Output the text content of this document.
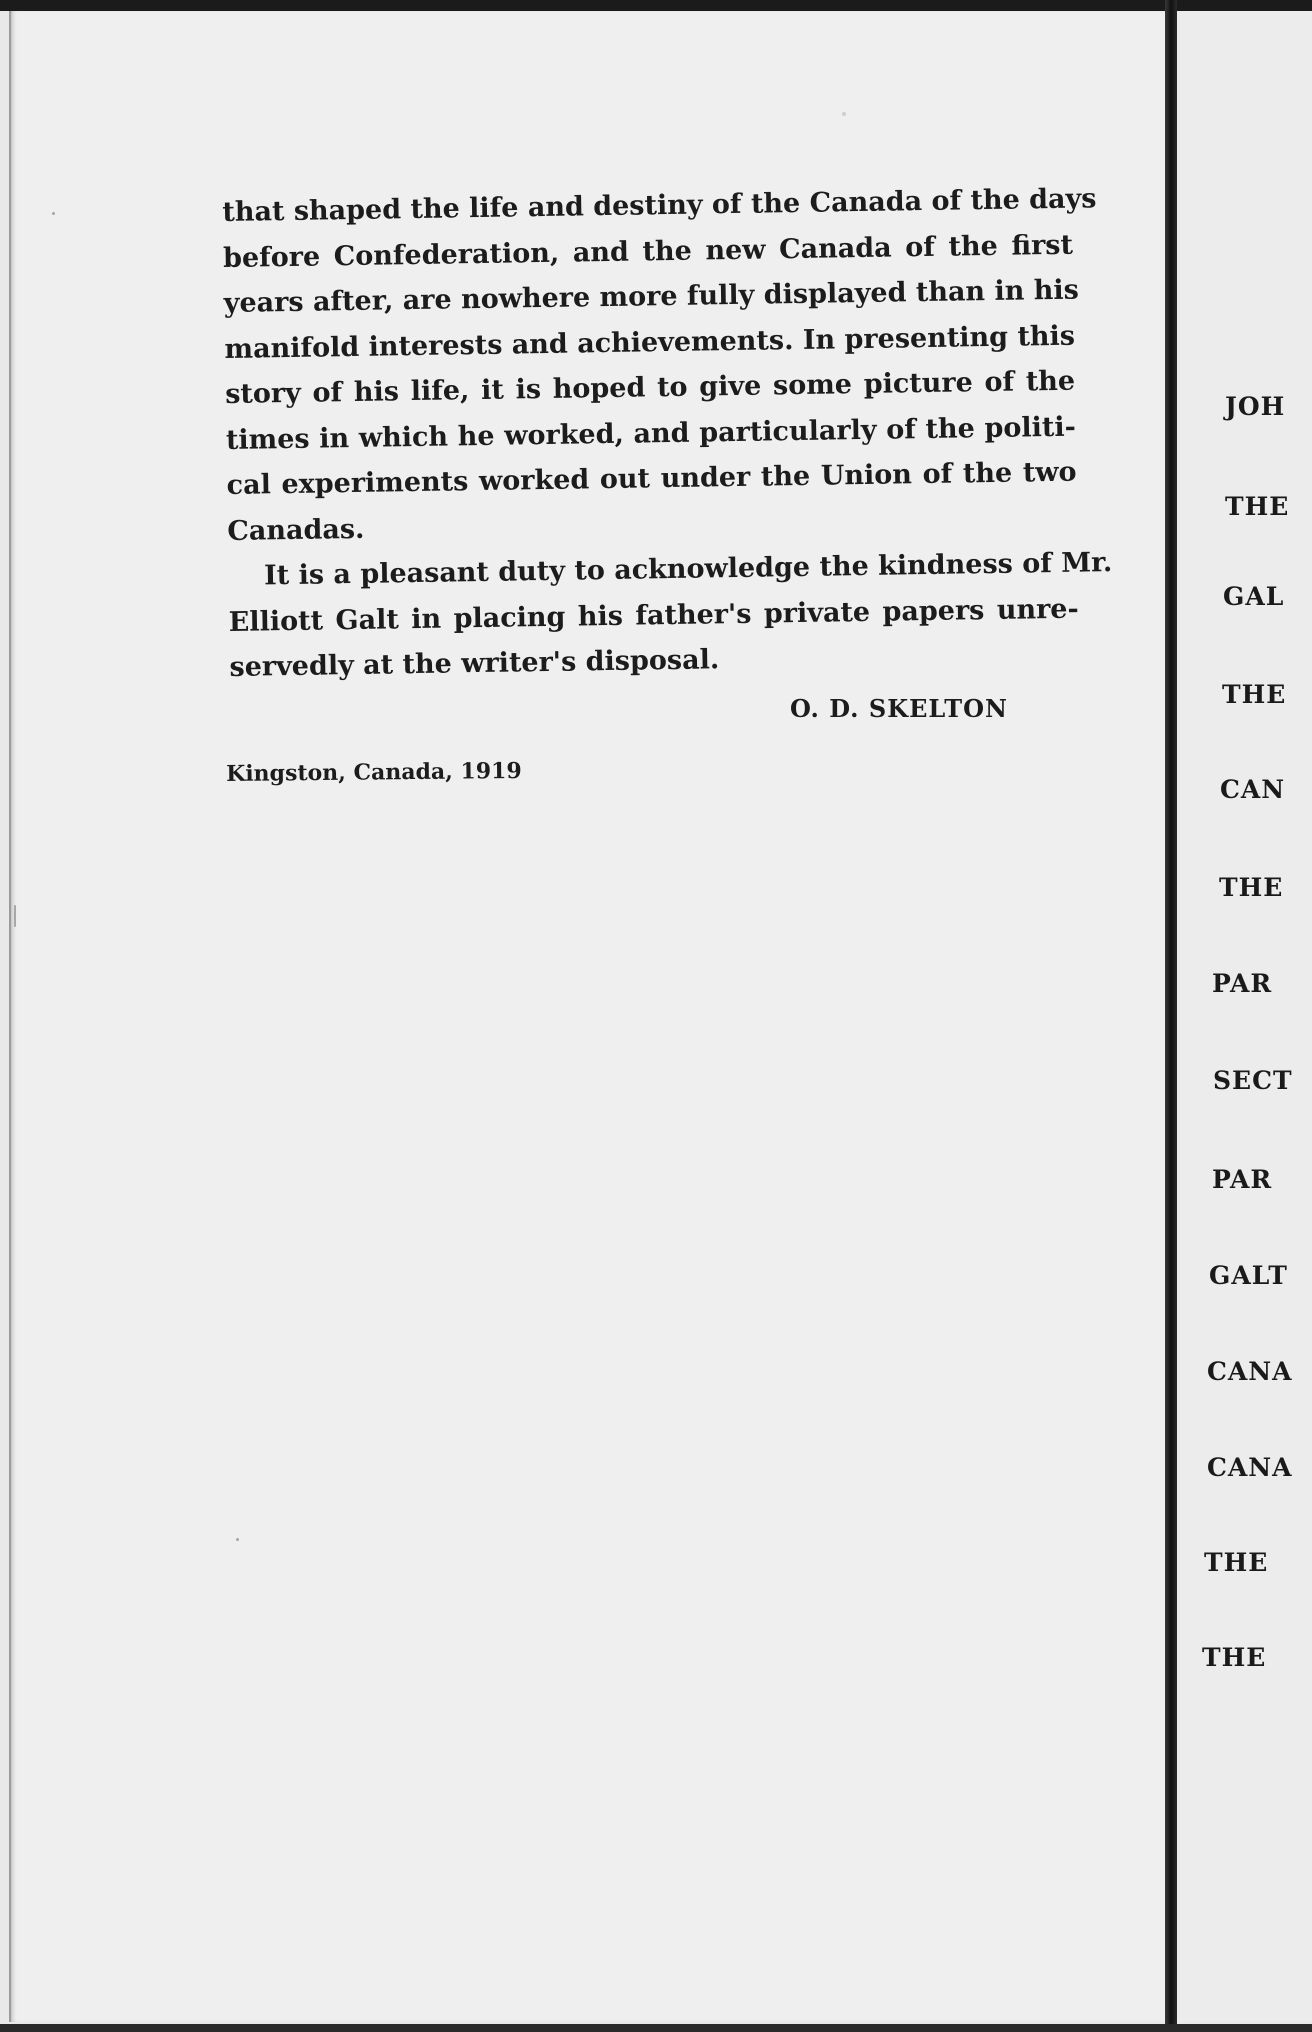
that shaped the life and destiny of the Canada of the days
before Confederation, and the new Canada of the first
years after, are nowhere more fully displayed than in his
manifold interests and achievements. In presenting this
story of his life, it is hoped to give some picture of the
times in which he worked, and particularly of the politi-
cal experiments worked out under the Union of the two
Canadas.

It is a pleasant duty to acknowledge the kindness of Mr.
Elliott Galt in placing his father's private papers unre-
servedly at the writer's disposal.

O. D. SKELTON
Kingston, Canada, 1919
JOH
THE
GAL
THE
CAN
THE
PAR
SECT
PAR
GALT
CANA
CANA
THE
THE
